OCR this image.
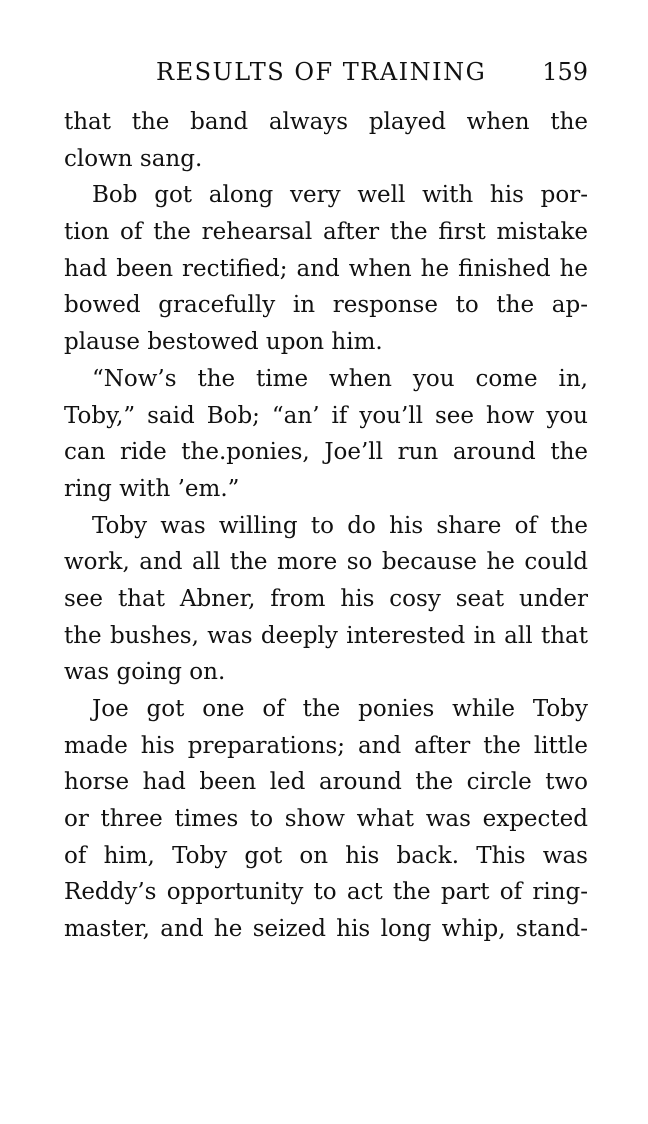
RESULTS OF TRAINING 159
that the band always played when the
clown sang.
Bob got along very well with his por-
tion of the rehearsal after the first mistake
had been rectified; and when he finished he
bowed gracefully in response to the ap-
plause bestowed upon him.
“Now’s the time when you come in,
Toby,” said Bob; “an’ if you’ll see how you
can ride the.ponies, Joe’ll run around the
ring with ’em.”
Toby was willing to do his share of the
work, and all the more so because he could
see that Abner, from his cosy seat under
the bushes, was deeply interested in all that
was going on.
Joe got one of the ponies while Toby
made his preparations; and after the little
horse had been led around the circle two
or three times to show what was expected
of him, Toby got on his back. This was
Reddy’s opportunity to act the part of ring-
master, and he seized his long whip, stand-
